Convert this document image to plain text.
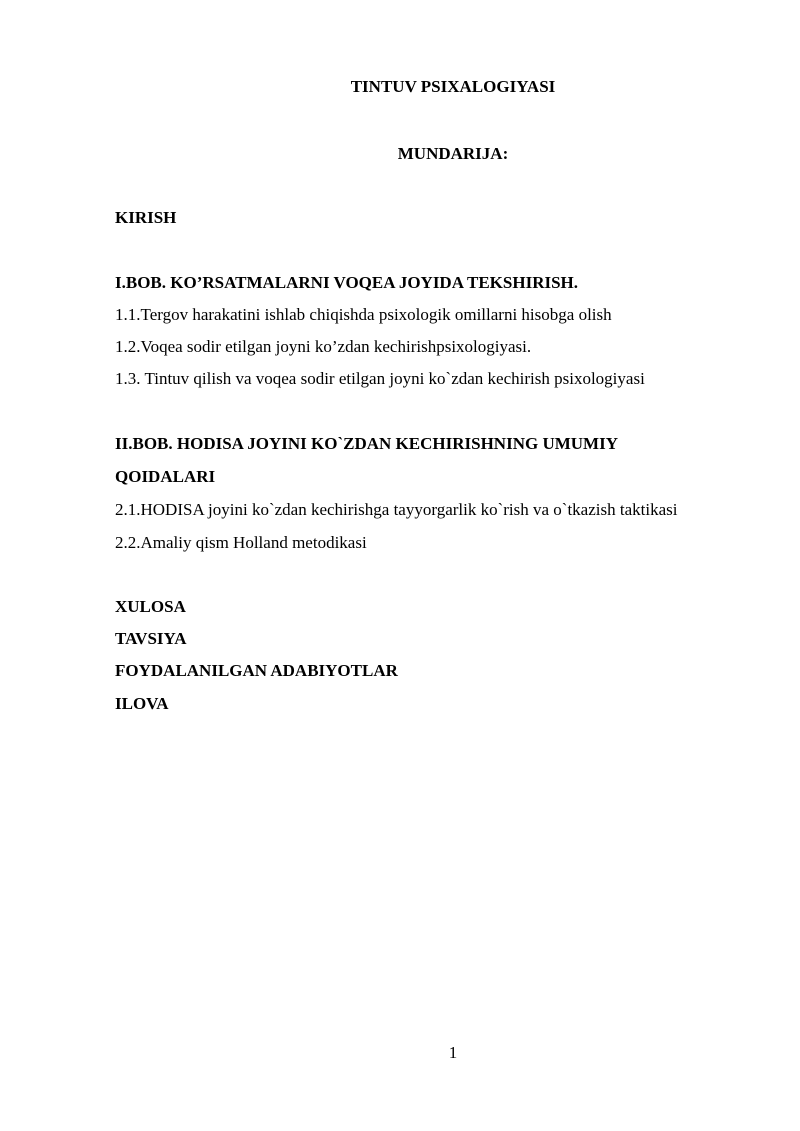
TINTUV PSIXALOGIYASI
MUNDARIJA:
KIRISH
I.BOB. KO’RSATMALARNI VOQEA JOYIDA TEKSHIRISH.
1.1.Tergov harakatini ishlab chiqishda psixologik omillarni hisobga olish
1.2.Voqea sodir etilgan joyni ko’zdan kechirishpsixologiyasi.
1.3. Tintuv qilish va voqea sodir etilgan joyni ko`zdan kechirish psixologiyasi
II.BOB. HODISA JOYINI KO`ZDAN KECHIRISHNING UMUMIY
QOIDALARI
2.1.HODISA joyini ko`zdan kechirishga tayyorgarlik ko`rish va o`tkazish taktikasi
2.2.Amaliy qism Holland metodikasi
XULOSA
TAVSIYA
FOYDALANILGAN ADABIYOTLAR
ILOVA
1
